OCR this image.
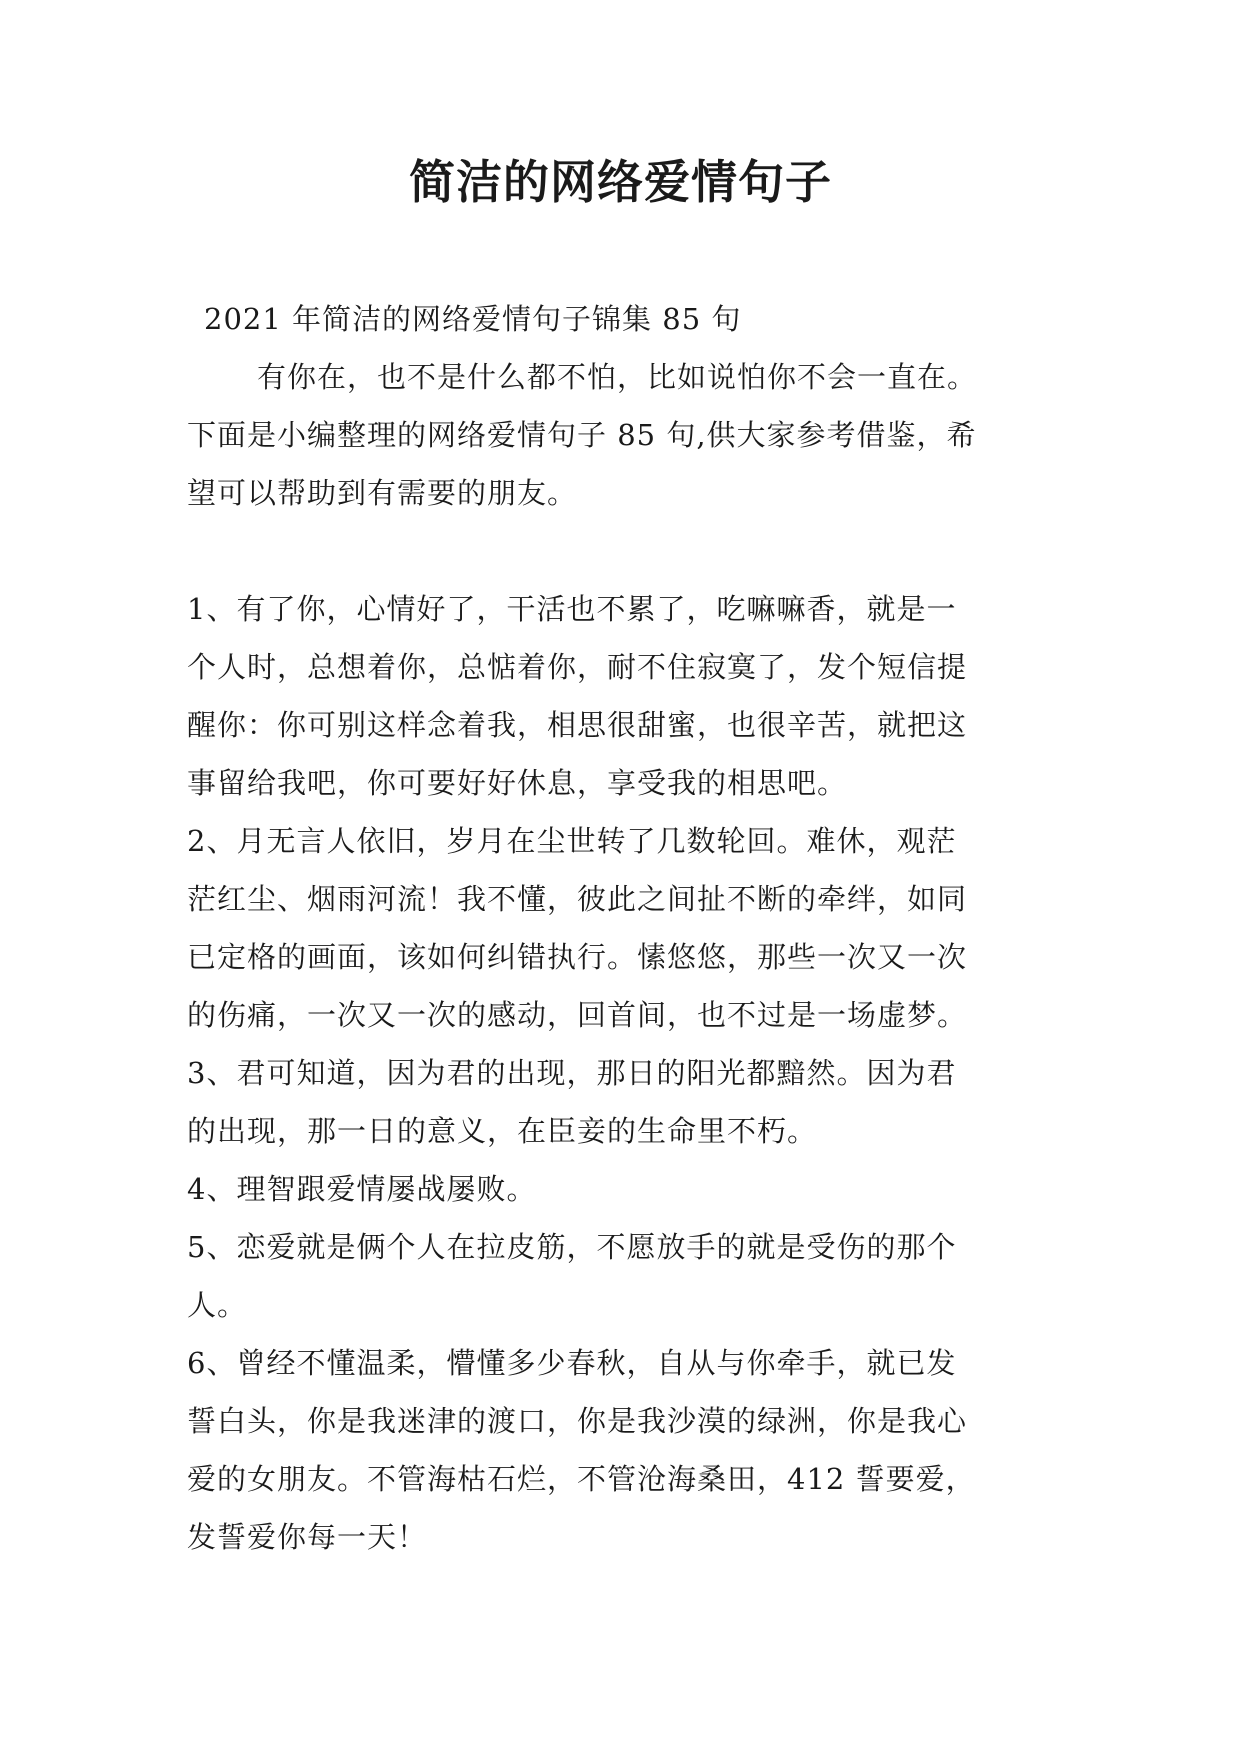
简洁的网络爱情句子
2021 年简洁的网络爱情句子锦集 85 句
有你在，也不是什么都不怕，比如说怕你不会一直在。
下面是小编整理的网络爱情句子 85 句,供大家参考借鉴，希
望可以帮助到有需要的朋友。
1、有了你，心情好了，干活也不累了，吃嘛嘛香，就是一
个人时，总想着你，总惦着你，耐不住寂寞了，发个短信提
醒你：你可别这样念着我，相思很甜蜜，也很辛苦，就把这
事留给我吧，你可要好好休息，享受我的相思吧。
2、月无言人依旧，岁月在尘世转了几数轮回。难休，观茫
茫红尘、烟雨河流！我不懂，彼此之间扯不断的牵绊，如同
已定格的画面，该如何纠错执行。愫悠悠，那些一次又一次
的伤痛，一次又一次的感动，回首间，也不过是一场虚梦。
3、君可知道，因为君的出现，那日的阳光都黯然。因为君
的出现，那一日的意义，在臣妾的生命里不朽。
4、理智跟爱情屡战屡败。
5、恋爱就是俩个人在拉皮筋，不愿放手的就是受伤的那个
人。
6、曾经不懂温柔，懵懂多少春秋，自从与你牵手，就已发
誓白头，你是我迷津的渡口，你是我沙漠的绿洲，你是我心
爱的女朋友。不管海枯石烂，不管沧海桑田，412 誓要爱，
发誓爱你每一天！
